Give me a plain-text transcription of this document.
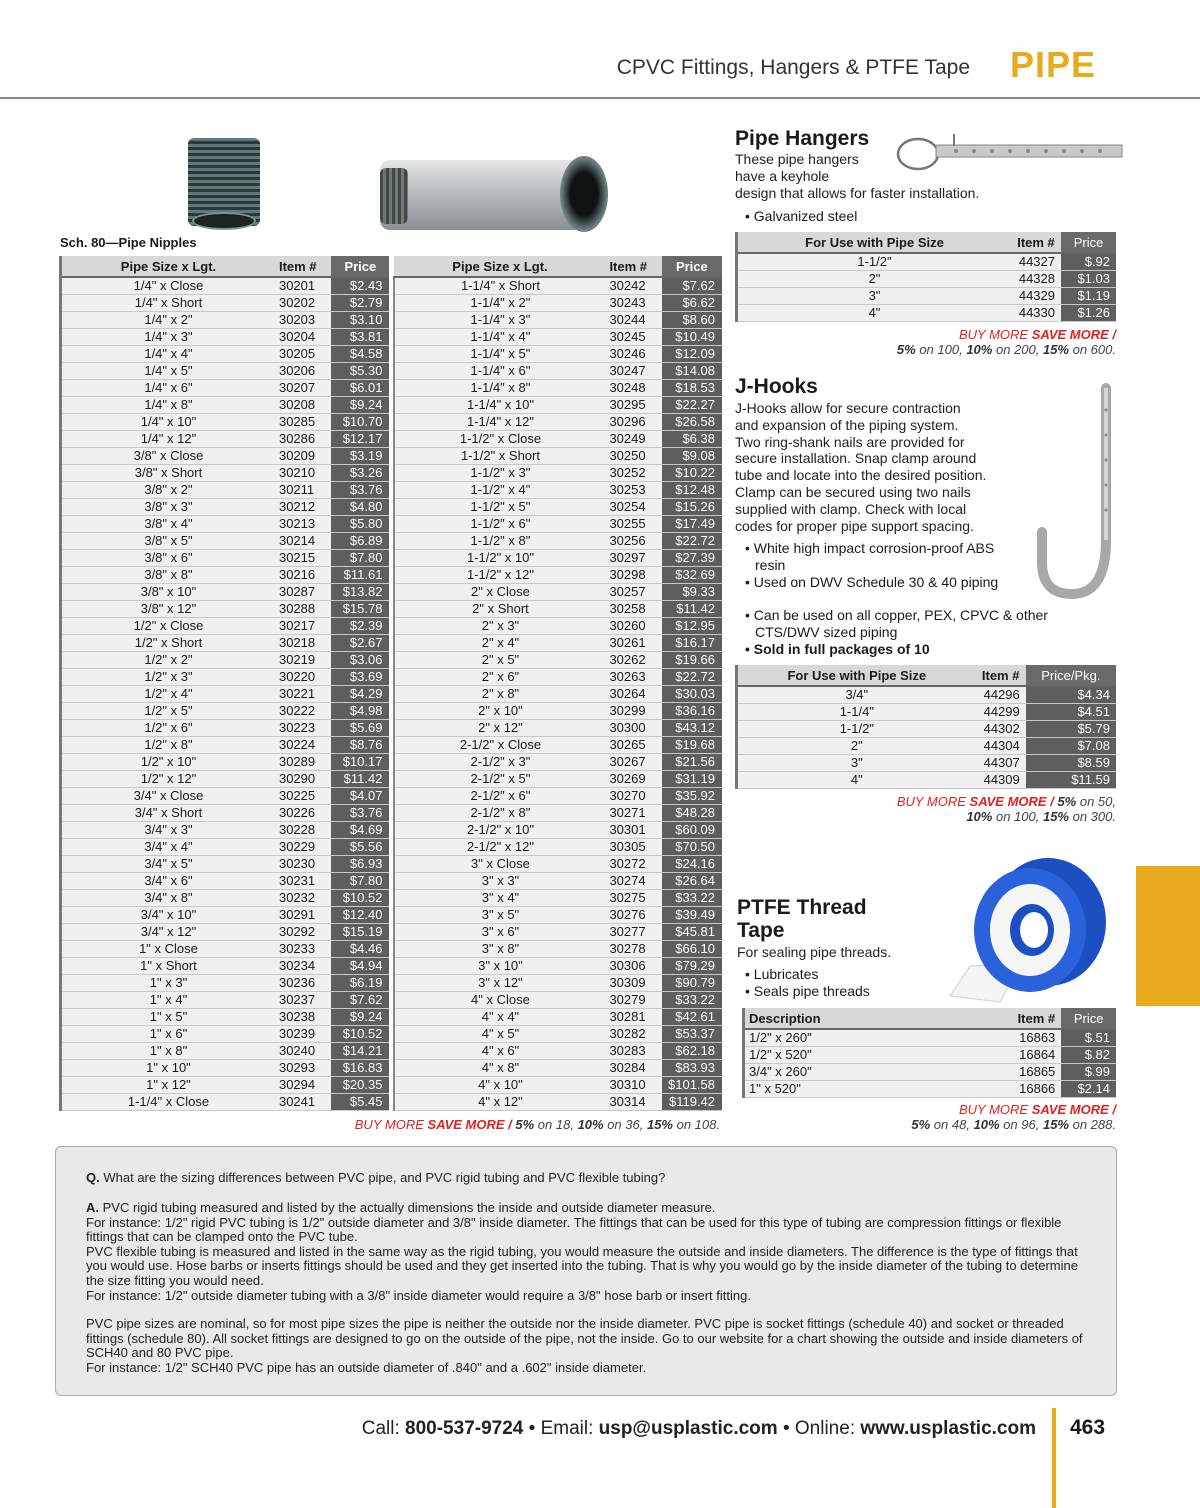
CPVC Fittings, Hangers & PTFE Tape PIPE
Sch. 80—Pipe Nipples
Pipe Size x Lgt.	Item #	Price		Pipe Size x Lgt.	Item #	Price
1/4" x Close	30201	$2.43		1-1/4" x Short	30242	$7.62
1/4" x Short	30202	$2.79		1-1/4" x 2"	30243	$6.62
1/4" x 2"	30203	$3.10		1-1/4" x 3"	30244	$8.60
1/4" x 3"	30204	$3.81		1-1/4" x 4"	30245	$10.49
1/4" x 4"	30205	$4.58		1-1/4" x 5"	30246	$12.09
1/4" x 5"	30206	$5.30		1-1/4" x 6"	30247	$14.08
1/4" x 6"	30207	$6.01		1-1/4" x 8"	30248	$18.53
1/4" x 8"	30208	$9.24		1-1/4" x 10"	30295	$22.27
1/4" x 10"	30285	$10.70		1-1/4" x 12"	30296	$26.58
1/4" x 12"	30286	$12.17		1-1/2" x Close	30249	$6.38
3/8" x Close	30209	$3.19		1-1/2" x Short	30250	$9.08
3/8" x Short	30210	$3.26		1-1/2" x 3"	30252	$10.22
3/8" x 2"	30211	$3.76		1-1/2" x 4"	30253	$12.48
3/8" x 3"	30212	$4.80		1-1/2" x 5"	30254	$15.26
3/8" x 4"	30213	$5.80		1-1/2" x 6"	30255	$17.49
3/8" x 5"	30214	$6.89		1-1/2" x 8"	30256	$22.72
3/8" x 6"	30215	$7.80		1-1/2" x 10"	30297	$27.39
3/8" x 8"	30216	$11.61		1-1/2" x 12"	30298	$32.69
3/8" x 10"	30287	$13.82		2" x Close	30257	$9.33
3/8" x 12"	30288	$15.78		2" x Short	30258	$11.42
1/2" x Close	30217	$2.39		2" x 3"	30260	$12.95
1/2" x Short	30218	$2.67		2" x 4"	30261	$16.17
1/2" x 2"	30219	$3.06		2" x 5"	30262	$19.66
1/2" x 3"	30220	$3.69		2" x 6"	30263	$22.72
1/2" x 4"	30221	$4.29		2" x 8"	30264	$30.03
1/2" x 5"	30222	$4.98		2" x 10"	30299	$36.16
1/2" x 6"	30223	$5.69		2" x 12"	30300	$43.12
1/2" x 8"	30224	$8.76		2-1/2" x Close	30265	$19.68
1/2" x 10"	30289	$10.17		2-1/2" x 3"	30267	$21.56
1/2" x 12"	30290	$11.42		2-1/2" x 5"	30269	$31.19
3/4" x Close	30225	$4.07		2-1/2" x 6"	30270	$35.92
3/4" x Short	30226	$3.76		2-1/2" x 8"	30271	$48.28
3/4" x 3"	30228	$4.69		2-1/2" x 10"	30301	$60.09
3/4" x 4"	30229	$5.56		2-1/2" x 12"	30305	$70.50
3/4" x 5"	30230	$6.93		3" x Close	30272	$24.16
3/4" x 6"	30231	$7.80		3" x 3"	30274	$26.64
3/4" x 8"	30232	$10.52		3" x 4"	30275	$33.22
3/4" x 10"	30291	$12.40		3" x 5"	30276	$39.49
3/4" x 12"	30292	$15.19		3" x 6"	30277	$45.81
1" x Close	30233	$4.46		3" x 8"	30278	$66.10
1" x Short	30234	$4.94		3" x 10"	30306	$79.29
1" x 3"	30236	$6.19		3" x 12"	30309	$90.79
1" x 4"	30237	$7.62		4" x Close	30279	$33.22
1" x 5"	30238	$9.24		4" x 4"	30281	$42.61
1" x 6"	30239	$10.52		4" x 5"	30282	$53.37
1" x 8"	30240	$14.21		4" x 6"	30283	$62.18
1" x 10"	30293	$16.83		4" x 8"	30284	$83.93
1" x 12"	30294	$20.35		4" x 10"	30310	$101.58
1-1/4" x Close	30241	$5.45		4" x 12"	30314	$119.42
BUY MORE SAVE MORE / 5% on 18, 10% on 36, 15% on 108.
Pipe Hangers
These pipe hangers
have a keyhole
design that allows for faster installation.
• Galvanized steel
For Use with Pipe Size	Item #	Price
1-1/2"	44327	$.92
2"	44328	$1.03
3"	44329	$1.19
4"	44330	$1.26
BUY MORE SAVE MORE /
5% on 100, 10% on 200, 15% on 600.
J-Hooks
J-Hooks allow for secure contraction
and expansion of the piping system.
Two ring-shank nails are provided for
secure installation. Snap clamp around
tube and locate into the desired position.
Clamp can be secured using two nails
supplied with clamp. Check with local
codes for proper pipe support spacing.
• White high impact corrosion-proof ABS resin
• Used on DWV Schedule 30 & 40 piping
• Can be used on all copper, PEX, CPVC & other CTS/DWV sized piping
• Sold in full packages of 10
For Use with Pipe Size	Item #	Price/Pkg.
3/4"	44296	$4.34
1-1/4"	44299	$4.51
1-1/2"	44302	$5.79
2"	44304	$7.08
3"	44307	$8.59
4"	44309	$11.59
BUY MORE SAVE MORE / 5% on 50,
10% on 100, 15% on 300.
PTFE Thread
Tape
For sealing pipe threads.
• Lubricates
• Seals pipe threads
Description	Item #	Price
1/2" x 260"	16863	$.51
1/2" x 520"	16864	$.82
3/4" x 260"	16865	$.99
1" x 520"	16866	$2.14
BUY MORE SAVE MORE /
5% on 48, 10% on 96, 15% on 288.
Q. What are the sizing differences between PVC pipe, and PVC rigid tubing and PVC flexible tubing?

A. PVC rigid tubing measured and listed by the actually dimensions the inside and outside diameter measure.

For instance: 1/2" rigid PVC tubing is 1/2" outside diameter and 3/8" inside diameter. The fittings that can be used for this type of tubing are compression fittings or flexible fittings that can be clamped onto the PVC tube.

PVC flexible tubing is measured and listed in the same way as the rigid tubing, you would measure the outside and inside diameters. The difference is the type of fittings that you would use. Hose barbs or inserts fittings should be used and they get inserted into the tubing. That is why you would go by the inside diameter of the tubing to determine the size fitting you would need.

For instance: 1/2" outside diameter tubing with a 3/8" inside diameter would require a 3/8" hose barb or insert fitting.

PVC pipe sizes are nominal, so for most pipe sizes the pipe is neither the outside nor the inside diameter. PVC pipe is socket fittings (schedule 40) and socket or threaded fittings (schedule 80). All socket fittings are designed to go on the outside of the pipe, not the inside. Go to our website for a chart showing the outside and inside diameters of SCH40 and 80 PVC pipe.

For instance: 1/2" SCH40 PVC pipe has an outside diameter of .840" and a .602" inside diameter.

Call: 800-537-9724 • Email: usp@usplastic.com • Online: www.usplastic.com 463
